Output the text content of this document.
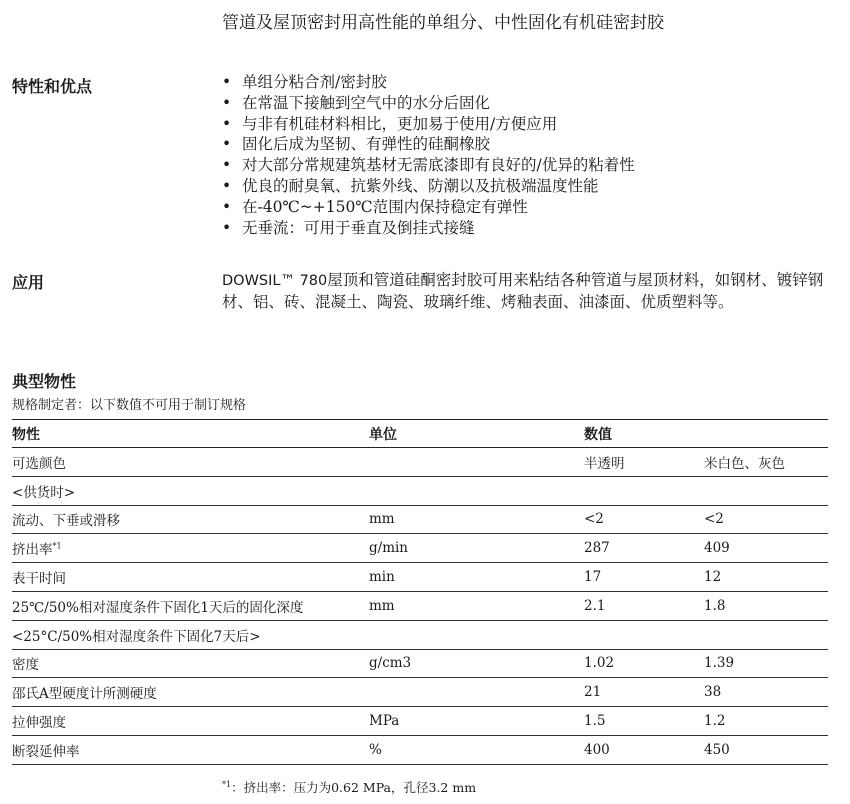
管道及屋顶密封用高性能的单组分、中性固化有机硅密封胶
特性和优点	• 单组分粘合剂/密封胶
• 在常温下接触到空气中的水分后固化
• 与非有机硅材料相比，更加易于使用/方便应用
• 固化后成为坚韧、有弹性的硅酮橡胶
• 对大部分常规建筑基材无需底漆即有良好的/优异的粘着性
• 优良的耐臭氧、抗紫外线、防潮以及抗极端温度性能
• 在-40℃~+150℃范围内保持稳定有弹性
• 无垂流：可用于垂直及倒挂式接缝
应用	DOWSIL™ 780屋顶和管道硅酮密封胶可用来粘结各种管道与屋顶材料，如钢材、镀锌钢材、铝、砖、混凝土、陶瓷、玻璃纤维、烤釉表面、油漆面、优质塑料等。
典型物性
规格制定者：以下数值不可用于制订规格
物性	单位	数值	
可选颜色		半透明	米白色、灰色
<供货时>			
流动、下垂或滑移	mm	<2	<2
挤出率$^{*1}$	g/min	287	409
表干时间	min	17	12
25℃/50%相对湿度条件下固化1天后的固化深度	mm	2.1	1.8
<25°C/50%相对湿度条件下固化7天后>			
密度	g/cm3	1.02	1.39
邵氏A型硬度计所测硬度		21	38
拉伸强度	MPa	1.5	1.2
断裂延伸率	%	400	450
$^{*1}$：挤出率：压力为0.62 MPa，孔径3.2 mm
